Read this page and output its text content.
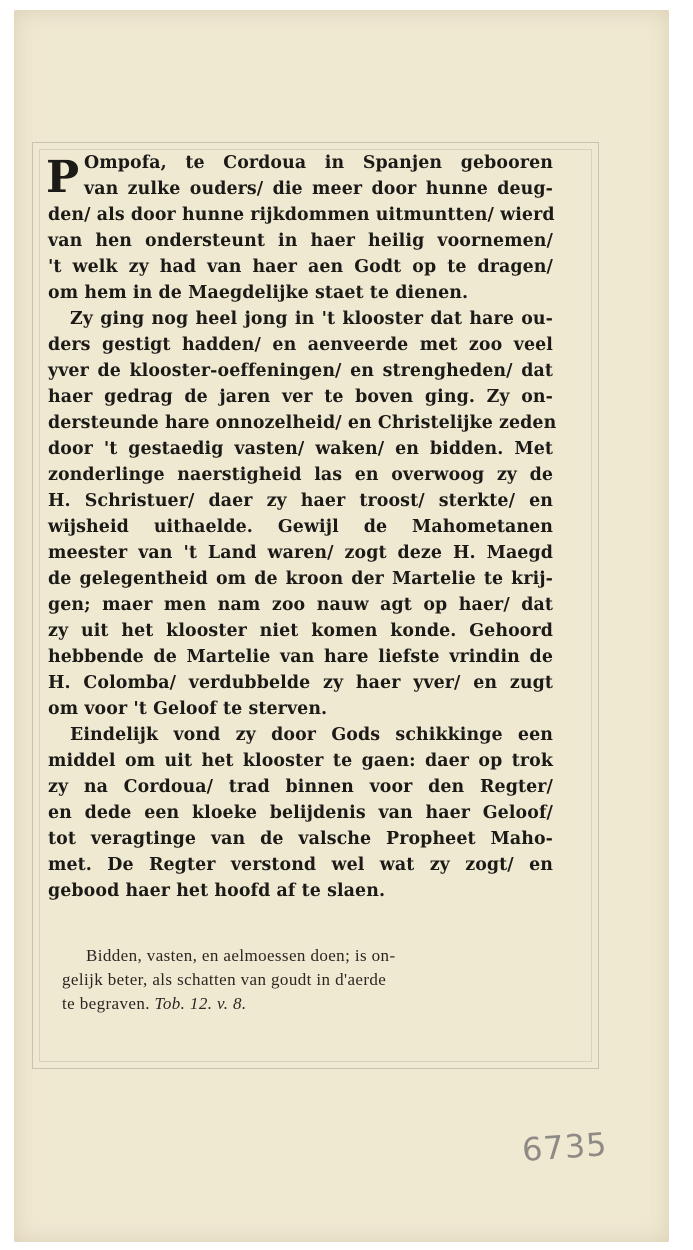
P Ompofa, te Cordoua in Spanjen gebooren
van zulke ouders/ die meer door hunne deug-
den/ als door hunne rijkdommen uitmuntten/ wierd
van hen ondersteunt in haer heilig voornemen/
't welk zy had van haer aen Godt op te dragen/
om hem in de Maegdelijke staet te dienen.
Zy ging nog heel jong in 't klooster dat hare ou-
ders gestigt hadden/ en aenveerde met zoo veel
yver de klooster-oeffeningen/ en strengheden/ dat
haer gedrag de jaren ver te boven ging. Zy on-
dersteunde hare onnozelheid/ en Christelijke zeden
door 't gestaedig vasten/ waken/ en bidden. Met
zonderlinge naerstigheid las en overwoog zy de
H. Schristuer/ daer zy haer troost/ sterkte/ en
wijsheid uithaelde. Gewijl de Mahometanen
meester van 't Land waren/ zogt deze H. Maegd
de gelegentheid om de kroon der Martelie te krij-
gen; maer men nam zoo nauw agt op haer/ dat
zy uit het klooster niet komen konde. Gehoord
hebbende de Martelie van hare liefste vrindin de
H. Colomba/ verdubbelde zy haer yver/ en zugt
om voor 't Geloof te sterven.
Eindelijk vond zy door Gods schikkinge een
middel om uit het klooster te gaen: daer op trok
zy na Cordoua/ trad binnen voor den Regter/
en dede een kloeke belijdenis van haer Geloof/
tot veragtinge van de valsche Propheet Maho-
met. De Regter verstond wel wat zy zogt/ en
gebood haer het hoofd af te slaen.
Bidden, vasten, en aelmoessen doen; is on-
gelijk beter, als schatten van goudt in d'aerde
te begraven. Tob. 12. v. 8.
6735
